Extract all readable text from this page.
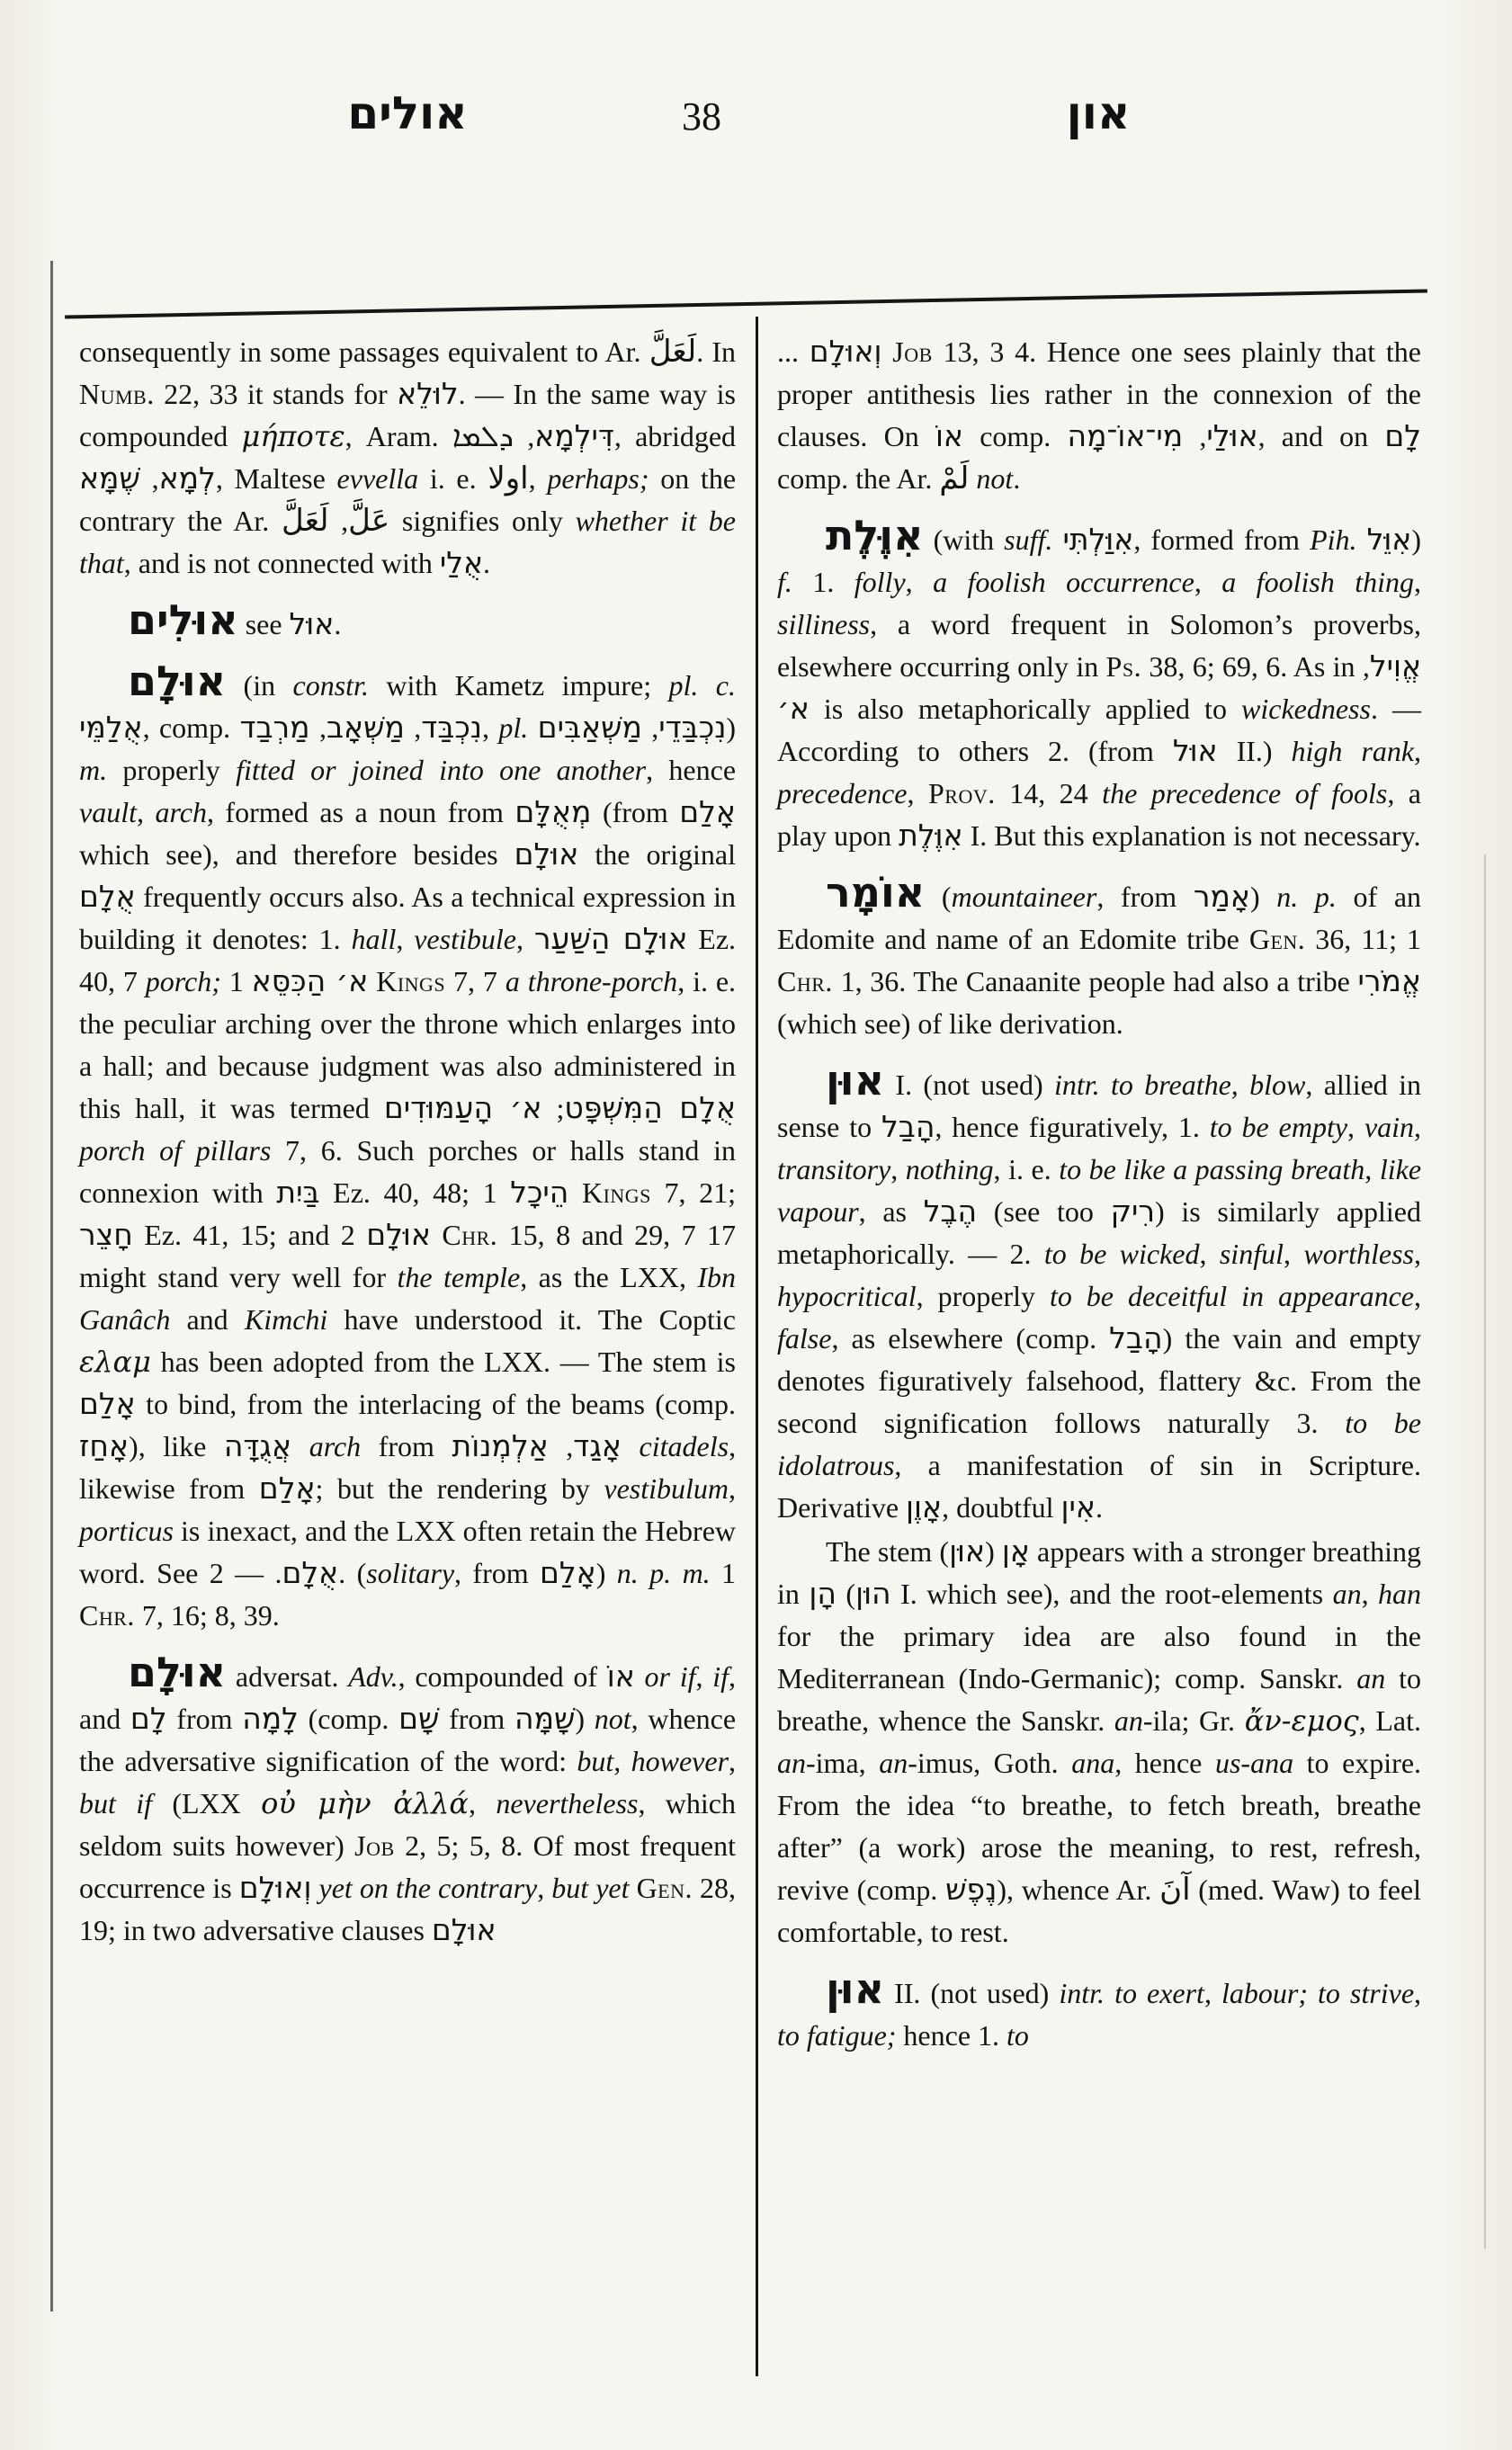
אולים	38	און

consequently in some passages equivalent to Ar. لَعَلَّ. In Numb. 22, 33 it stands for לוּלֵא. — In the same way is compounded μήποτε, Aram.	דִּילְמָא, ܕܠܡܐ	, abridged לְמָא, שֶׁמָּא	, Maltese evvella i. e. اولا, perhaps; on the contrary the Ar. عَلَّ, لَعَلَّ signifies only whether it be that, and is not connected with אֻלַי.

אוּלִים see אוּל.

אוּלָם (in constr. with Kametz impure; pl. c. אֻלַמֵּי, comp.	נִכְבַּד, מַשְׁאָב, מַרְבַד	, pl.	נִכְבַּדֵי, מַשְׁאַבִּים	) m. properly fitted or joined into one another, hence vault, arch, formed as a noun from מְאֻלָּם (from אָלַם which see), and therefore besides אוּלָם the original אֻלָם frequently occurs also. As a technical expression in building it denotes: 1. hall, vestibule, אוּלָם הַשַּׁעַר Ez. 40, 7 porch; א׳ הַכִּסֵּא 1 Kings 7, 7 a throne-porch, i. e. the peculiar arching over the throne which enlarges into a hall; and because judgment was also administered in this hall, it was termed	אֻלָם הַמִּשְׁפָּט; א׳ הָעַמּוּדִים porch of pillars 7, 6. Such porches or halls stand in connexion with בַּיִת Ez. 40, 48; הֵיכָל 1 Kings 7, 21; חָצֵר Ez. 41, 15; and אוּלָם 2 Chr. 15, 8 and 29, 7 17 might stand very well for the temple, as the LXX, Ibn Ganâch and Kimchi have understood it. The Coptic ελαμ has been adopted from the LXX. — The stem is אָלַם to bind, from the interlacing of the beams (comp. אָחַז), like אֲגֻדָּה arch from	אָגַד, אַלְמְנוֹת	citadels, likewise from אָלַם; but the rendering by vestibulum, porticus is inexact, and the LXX often retain the Hebrew word. See אֻלָם. — 2. (solitary, from אָלַם) n. p. m. 1 Chr. 7, 16; 8, 39.

אוּלָם adversat. Adv., compounded of אוֹ or if, if, and לָם from לָמָה (comp. שָׁם from שָׁמָּה) not, whence the adversative signification of the word: but, however, but if (LXX οὐ μὴν ἀλλά, nevertheless, which seldom suits however) Job 2, 5; 5, 8. Of most frequent occurrence is וְאוּלָם yet on the contrary, but yet Gen. 28, 19; in two adversative clauses אוּלָם

... וְאוּלָם Job 13, 3 4. Hence one sees plainly that the proper antithesis lies rather in the connexion of the clauses. On אוֹ comp.	אוּלַי, מִי־אוֹ־מָה	, and on לָם comp. the Ar. لَمْ not.

אִוֶּלֶת (with suff. אִוַּלְתִּי, formed from Pih. אִוֵּל) f. 1. folly, a foolish occurrence, a foolish thing, silliness, a word frequent in Solomon’s proverbs, elsewhere occurring only in Ps. 38, 6; 69, 6. As in אֱוִיל, א׳ is also metaphorically applied to wickedness. — According to others 2. (from אוּל II.) high rank, precedence, Prov. 14, 24 the precedence of fools, a play upon אִוֶּלֶת I. But this explanation is not necessary.

אוֹמָר (mountaineer, from אָמַר) n. p. of an Edomite and name of an Edomite tribe Gen. 36, 11; 1 Chr. 1, 36. The Canaanite people had also a tribe אֱמֹרִי (which see) of like derivation.

אוּן I. (not used) intr. to breathe, blow, allied in sense to הָבַל, hence figuratively, 1. to be empty, vain, transitory, nothing, i. e. to be like a passing breath, like vapour, as הֶבֶל (see too רִיק) is similarly applied metaphorically. — 2. to be wicked, sinful, worthless, hypocritical, properly to be deceitful in appearance, false, as elsewhere (comp. הָבַל) the vain and empty denotes figuratively falsehood, flattery &c. From the second signification follows naturally 3. to be idolatrous, a manifestation of sin in Scripture. Derivative אָוֶן, doubtful אִין.

The stem אָן (אוּן) appears with a stronger breathing in הָן (הוּן I. which see), and the root-elements an, han for the primary idea are also found in the Mediterranean (Indo-Germanic); comp. Sanskr. an to breathe, whence the Sanskr. an-ila; Gr. ἄν-εμος, Lat. an-ima, an-imus, Goth. ana, hence us-ana to expire. From the idea “to breathe, to fetch breath, breathe after” (a work) arose the meaning, to rest, refresh, revive (comp. נֶפֶשׁ), whence Ar. آنَ (med. Waw) to feel comfortable, to rest.

אוּן II. (not used) intr. to exert, labour; to strive, to fatigue; hence 1. to
